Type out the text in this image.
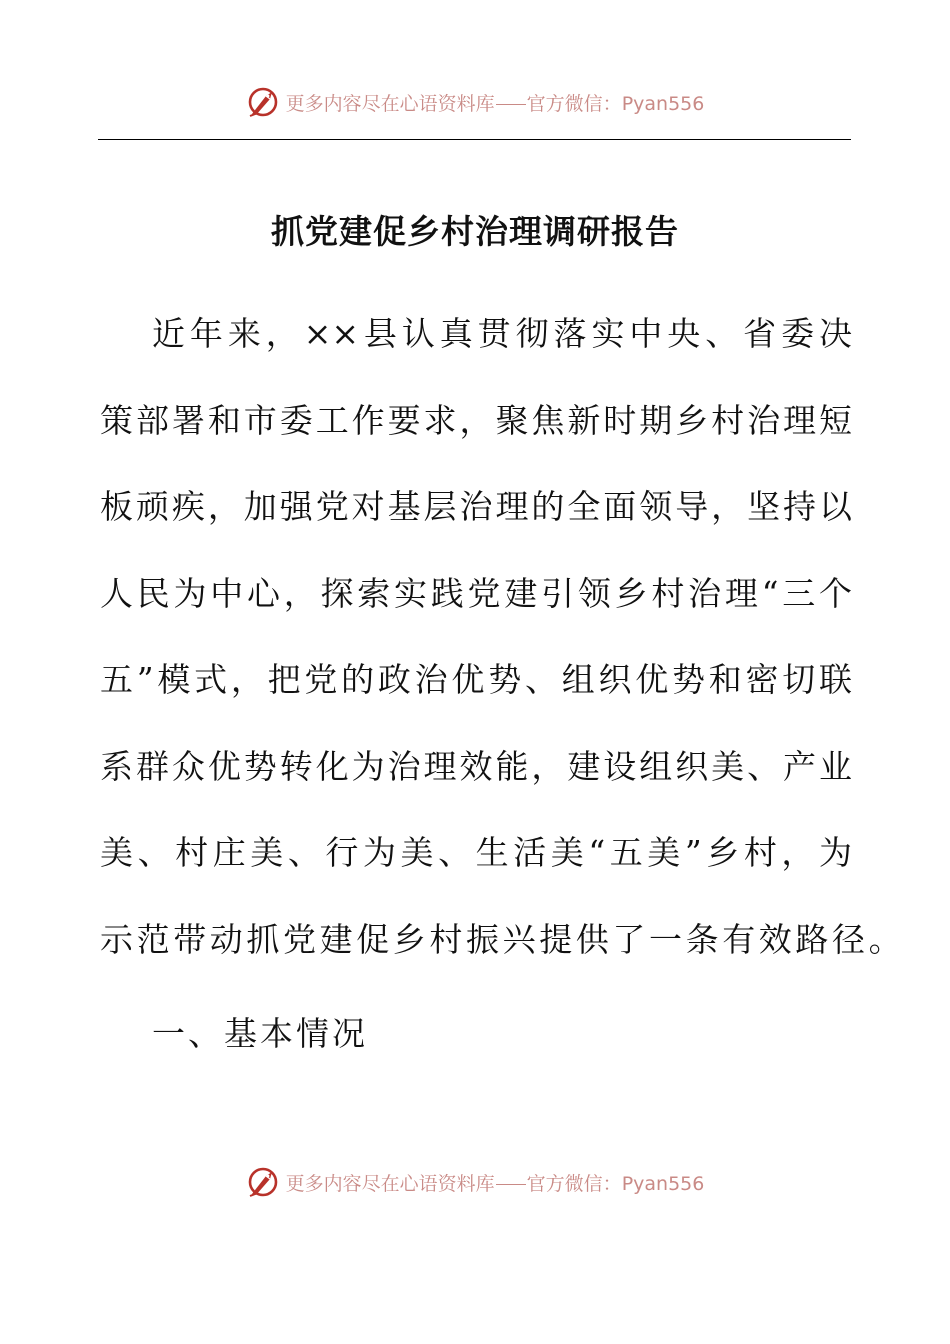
更多内容尽在心语资料库 官方微信：Pyan556
抓党建促乡村治理调研报告
近年来，××县认真贯彻落实中央、省委决
策部署和市委工作要求，聚焦新时期乡村治理短
板顽疾，加强党对基层治理的全面领导，坚持以
人民为中心，探索实践党建引领乡村治理“三个
五”模式，把党的政治优势、组织优势和密切联
系群众优势转化为治理效能，建设组织美、产业
美、村庄美、行为美、生活美“五美”乡村，为
示范带动抓党建促乡村振兴提供了一条有效路径。
一、基本情况
更多内容尽在心语资料库 官方微信：Pyan556
